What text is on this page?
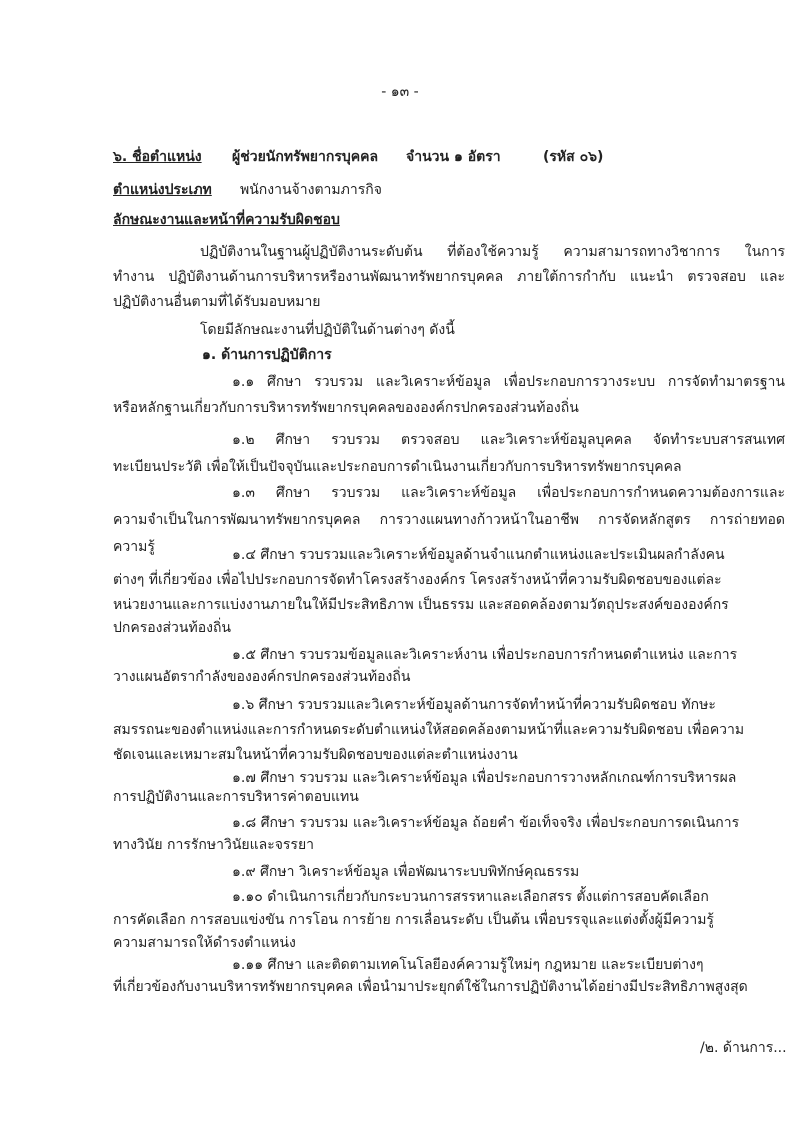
- ๑๓ -
๖. ชื่อตำแหน่ง ผู้ช่วยนักทรัพยากรบุคคล จำนวน ๑ อัตรา	(รหัส ๐๖)
ตำแหน่งประเภท พนักงานจ้างตามภารกิจ
ลักษณะงานและหน้าที่ความรับผิดชอบ
ปฏิบัติงานในฐานผู้ปฏิบัติงานระดับต้น ที่ต้องใช้ความรู้ ความสามารถทางวิชาการ ในการ
ทำงาน ปฏิบัติงานด้านการบริหารหรืองานพัฒนาทรัพยากรบุคคล ภายใต้การกำกับ แนะนำ ตรวจสอบ และ
ปฏิบัติงานอื่นตามที่ได้รับมอบหมาย
โดยมีลักษณะงานที่ปฏิบัติในด้านต่างๆ ดังนี้
๑. ด้านการปฏิบัติการ
๑.๑ ศึกษา รวบรวม และวิเคราะห์ข้อมูล เพื่อประกอบการวางระบบ การจัดทำมาตรฐาน
หรือหลักฐานเกี่ยวกับการบริหารทรัพยากรบุคคลขององค์กรปกครองส่วนท้องถิ่น
๑.๒ ศึกษา รวบรวม ตรวจสอบ และวิเคราะห์ข้อมูลบุคคล จัดทำระบบสารสนเทศ
ทะเบียนประวัติ เพื่อให้เป็นปัจจุบันและประกอบการดำเนินงานเกี่ยวกับการบริหารทรัพยากรบุคคล
๑.๓ ศึกษา รวบรวม และวิเคราะห์ข้อมูล เพื่อประกอบการกำหนดความต้องการและ
ความจำเป็นในการพัฒนาทรัพยากรบุคคล การวางแผนทางก้าวหน้าในอาชีพ การจัดหลักสูตร การถ่ายทอด
ความรู้	๑.๔ ศึกษา รวบรวมและวิเคราะห์ข้อมูลด้านจำแนกตำแหน่งและประเมินผลกำลังคน
ต่างๆ ที่เกี่ยวข้อง เพื่อไปประกอบการจัดทำโครงสร้างองค์กร โครงสร้างหน้าที่ความรับผิดชอบของแต่ละ
หน่วยงานและการแบ่งงานภายในให้มีประสิทธิภาพ เป็นธรรม และสอดคล้องตามวัตถุประสงค์ขององค์กร
ปกครองส่วนท้องถิ่น
๑.๕ ศึกษา รวบรวมข้อมูลและวิเคราะห์งาน เพื่อประกอบการกำหนดตำแหน่ง และการ
วางแผนอัตรากำลังขององค์กรปกครองส่วนท้องถิ่น
๑.๖ ศึกษา รวบรวมและวิเคราะห์ข้อมูลด้านการจัดทำหน้าที่ความรับผิดชอบ ทักษะ
สมรรถนะของตำแหน่งและการกำหนดระดับตำแหน่งให้สอดคล้องตามหน้าที่และความรับผิดชอบ เพื่อความ
ชัดเจนและเหมาะสมในหน้าที่ความรับผิดชอบของแต่ละตำแหน่งงาน
๑.๗ ศึกษา รวบรวม และวิเคราะห์ข้อมูล เพื่อประกอบการวางหลักเกณฑ์การบริหารผล
การปฏิบัติงานและการบริหารค่าตอบแทน
๑.๘ ศึกษา รวบรวม และวิเคราะห์ข้อมูล ถ้อยคำ ข้อเท็จจริง เพื่อประกอบการดเนินการ
ทางวินัย การรักษาวินัยและจรรยา
๑.๙ ศึกษา วิเคราะห์ข้อมูล เพื่อพัฒนาระบบพิทักษ์คุณธรรม
๑.๑๐ ดำเนินการเกี่ยวกับกระบวนการสรรหาและเลือกสรร ตั้งแต่การสอบคัดเลือก
การคัดเลือก การสอบแข่งขัน การโอน การย้าย การเลื่อนระดับ เป็นต้น เพื่อบรรจุและแต่งตั้งผู้มีความรู้
ความสามารถให้ดำรงตำแหน่ง
๑.๑๑ ศึกษา และติดตามเทคโนโลยีองค์ความรู้ใหม่ๆ กฎหมาย และระเบียบต่างๆ
ที่เกี่ยวข้องกับงานบริหารทรัพยากรบุคคล เพื่อนำมาประยุกต์ใช้ในการปฏิบัติงานได้อย่างมีประสิทธิภาพสูงสุด
/๒. ด้านการ...
